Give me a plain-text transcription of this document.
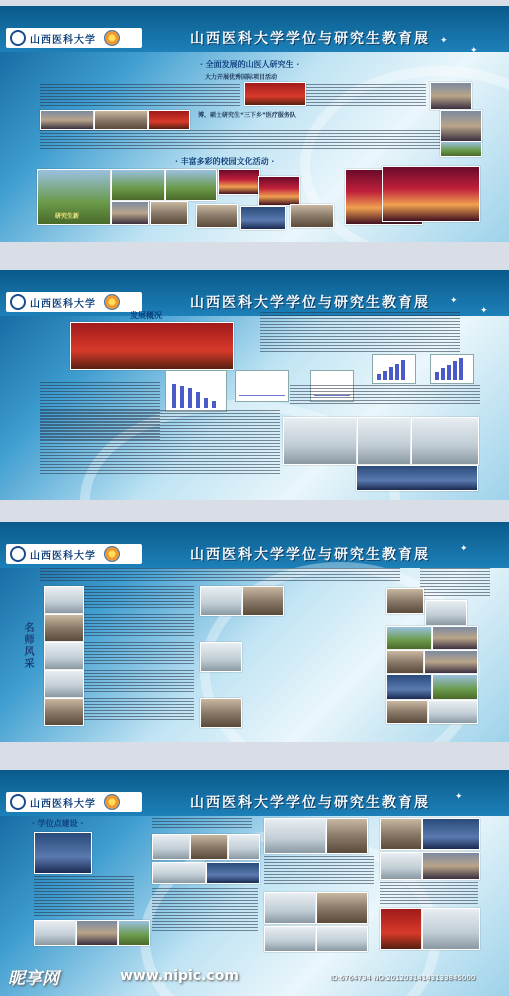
山西医科大学	山西医科大学学位与研究生教育展 ✦
✦
· 全面发展的山医人研究生 ·
大力开展优秀国际项目活动
博、硕士研究生“三下乡”医疗服务队
· 丰富多彩的校园文化活动 ·
研究生新
山西医科大学	山西医科大学学位与研究生教育展 ✦
✦
发展概况
山西医科大学	山西医科大学学位与研究生教育展	✦
名师风采
山西医科大学	山西医科大学学位与研究生教育展	✦
· 学位点建设 ·
昵享网	www.nipic.com	ID:6764734 NO:20120314143133845000
